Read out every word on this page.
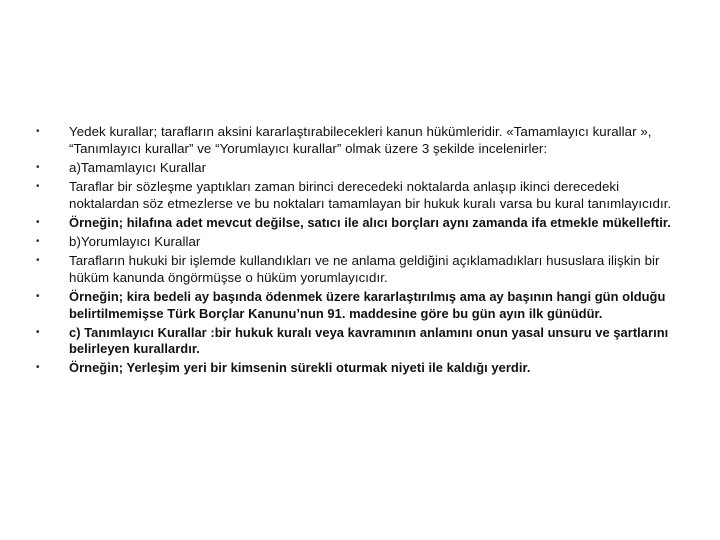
• Yedek kurallar; tarafların aksini kararlaştırabilecekleri kanun hükümleridir. «Tamamlayıcı kurallar », “Tanımlayıcı kurallar” ve “Yorumlayıcı kurallar” olmak üzere 3 şekilde incelenirler:
• a)Tamamlayıcı Kurallar
• Taraflar bir sözleşme yaptıkları zaman birinci derecedeki noktalarda anlaşıp ikinci derecedeki noktalardan söz etmezlerse ve bu noktaları tamamlayan bir hukuk kuralı varsa bu kural tanımlayıcıdır.
• Örneğin; hilafına adet mevcut değilse, satıcı ile alıcı borçları aynı zamanda ifa etmekle mükelleftir.
• b)Yorumlayıcı Kurallar
• Tarafların hukuki bir işlemde kullandıkları ve ne anlama geldiğini açıklamadıkları hususlara ilişkin bir hüküm kanunda öngörmüşse o hüküm yorumlayıcıdır.
• Örneğin; kira bedeli ay başında ödenmek üzere kararlaştırılmış ama ay başının hangi gün olduğu belirtilmemişse Türk Borçlar Kanunu’nun 91. maddesine göre bu gün ayın ilk günüdür.
• c) Tanımlayıcı Kurallar :bir hukuk kuralı veya kavramının anlamını onun yasal unsuru ve şartlarını belirleyen kurallardır.
• Örneğin; Yerleşim yeri bir kimsenin sürekli oturmak niyeti ile kaldığı yerdir.
